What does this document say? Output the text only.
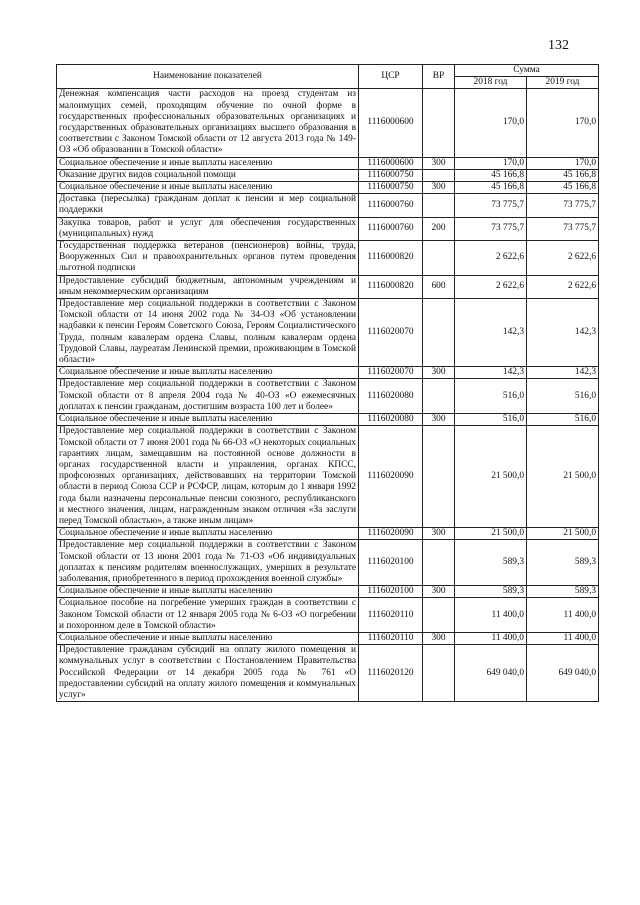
132
Наименование показателей	ЦСР	ВР	Сумма	
			2018 год	2019 год
Денежная компенсация части расходов на проезд студентам из малоимущих семей, проходящим обучение по очной форме в государственных профессиональных образовательных организациях и государственных образовательных организациях высшего образования в соответствии с Законом Томской области от 12 августа 2013 года № 149-ОЗ «Об образовании в Томской области»	1116000600		170,0	170,0
Социальное обеспечение и иные выплаты населению	1116000600	300	170,0	170,0
Оказание других видов социальной помощи	1116000750		45 166,8	45 166,8
Социальное обеспечение и иные выплаты населению	1116000750	300	45 166,8	45 166,8
Доставка (пересылка) гражданам доплат к пенсии и мер социальной поддержки	1116000760		73 775,7	73 775,7
Закупка товаров, работ и услуг для обеспечения государственных (муниципальных) нужд	1116000760	200	73 775,7	73 775,7
Государственная поддержка ветеранов (пенсионеров) войны, труда, Вооруженных Сил и правоохранительных органов путем проведения льготной подписки	1116000820		2 622,6	2 622,6
Предоставление субсидий бюджетным, автономным учреждениям и иным некоммерческим организациям	1116000820	600	2 622,6	2 622,6
Предоставление мер социальной поддержки в соответствии с Законом Томской области от 14 июня 2002 года № 34-ОЗ «Об установлении надбавки к пенсии Героям Советского Союза, Героям Социалистического Труда, полным кавалерам ордена Славы, полным кавалерам ордена Трудовой Славы, лауреатам Ленинской премии, проживающим в Томской области»	1116020070		142,3	142,3
Социальное обеспечение и иные выплаты населению	1116020070	300	142,3	142,3
Предоставление мер социальной поддержки в соответствии с Законом Томской области от 8 апреля 2004 года № 40-ОЗ «О ежемесячных доплатах к пенсии гражданам, достигшим возраста 100 лет и более»	1116020080		516,0	516,0
Социальное обеспечение и иные выплаты населению	1116020080	300	516,0	516,0
Предоставление мер социальной поддержки в соответствии с Законом Томской области от 7 июня 2001 года № 66-ОЗ «О некоторых социальных гарантиях лицам, замещавшим на постоянной основе должности в органах государственной власти и управления, органах КПСС, профсоюзных организациях, действовавших на территории Томской области в период Союза ССР и РСФСР, лицам, которым до 1 января 1992 года были назначены персональные пенсии союзного, республиканского и местного значения, лицам, награжденным знаком отличия «За заслуги перед Томской областью», а также иным лицам»	1116020090		21 500,0	21 500,0
Социальное обеспечение и иные выплаты населению	1116020090	300	21 500,0	21 500,0
Предоставление мер социальной поддержки в соответствии с Законом Томской области от 13 июня 2001 года № 71-ОЗ «Об индивидуальных доплатах к пенсиям родителям военнослужащих, умерших в результате заболевания, приобретенного в период прохождения военной службы»	1116020100		589,3	589,3
Социальное обеспечение и иные выплаты населению	1116020100	300	589,3	589,3
Социальное пособие на погребение умерших граждан в соответствии с Законом Томской области от 12 января 2005 года № 6-ОЗ «О погребении и похоронном деле в Томской области»	1116020110		11 400,0	11 400,0
Социальное обеспечение и иные выплаты населению	1116020110	300	11 400,0	11 400,0
Предоставление гражданам субсидий на оплату жилого помещения и коммунальных услуг в соответствии с Постановлением Правительства Российской Федерации от 14 декабря 2005 года № 761 «О предоставлении субсидий на оплату жилого помещения и коммунальных услуг»	1116020120		649 040,0	649 040,0
